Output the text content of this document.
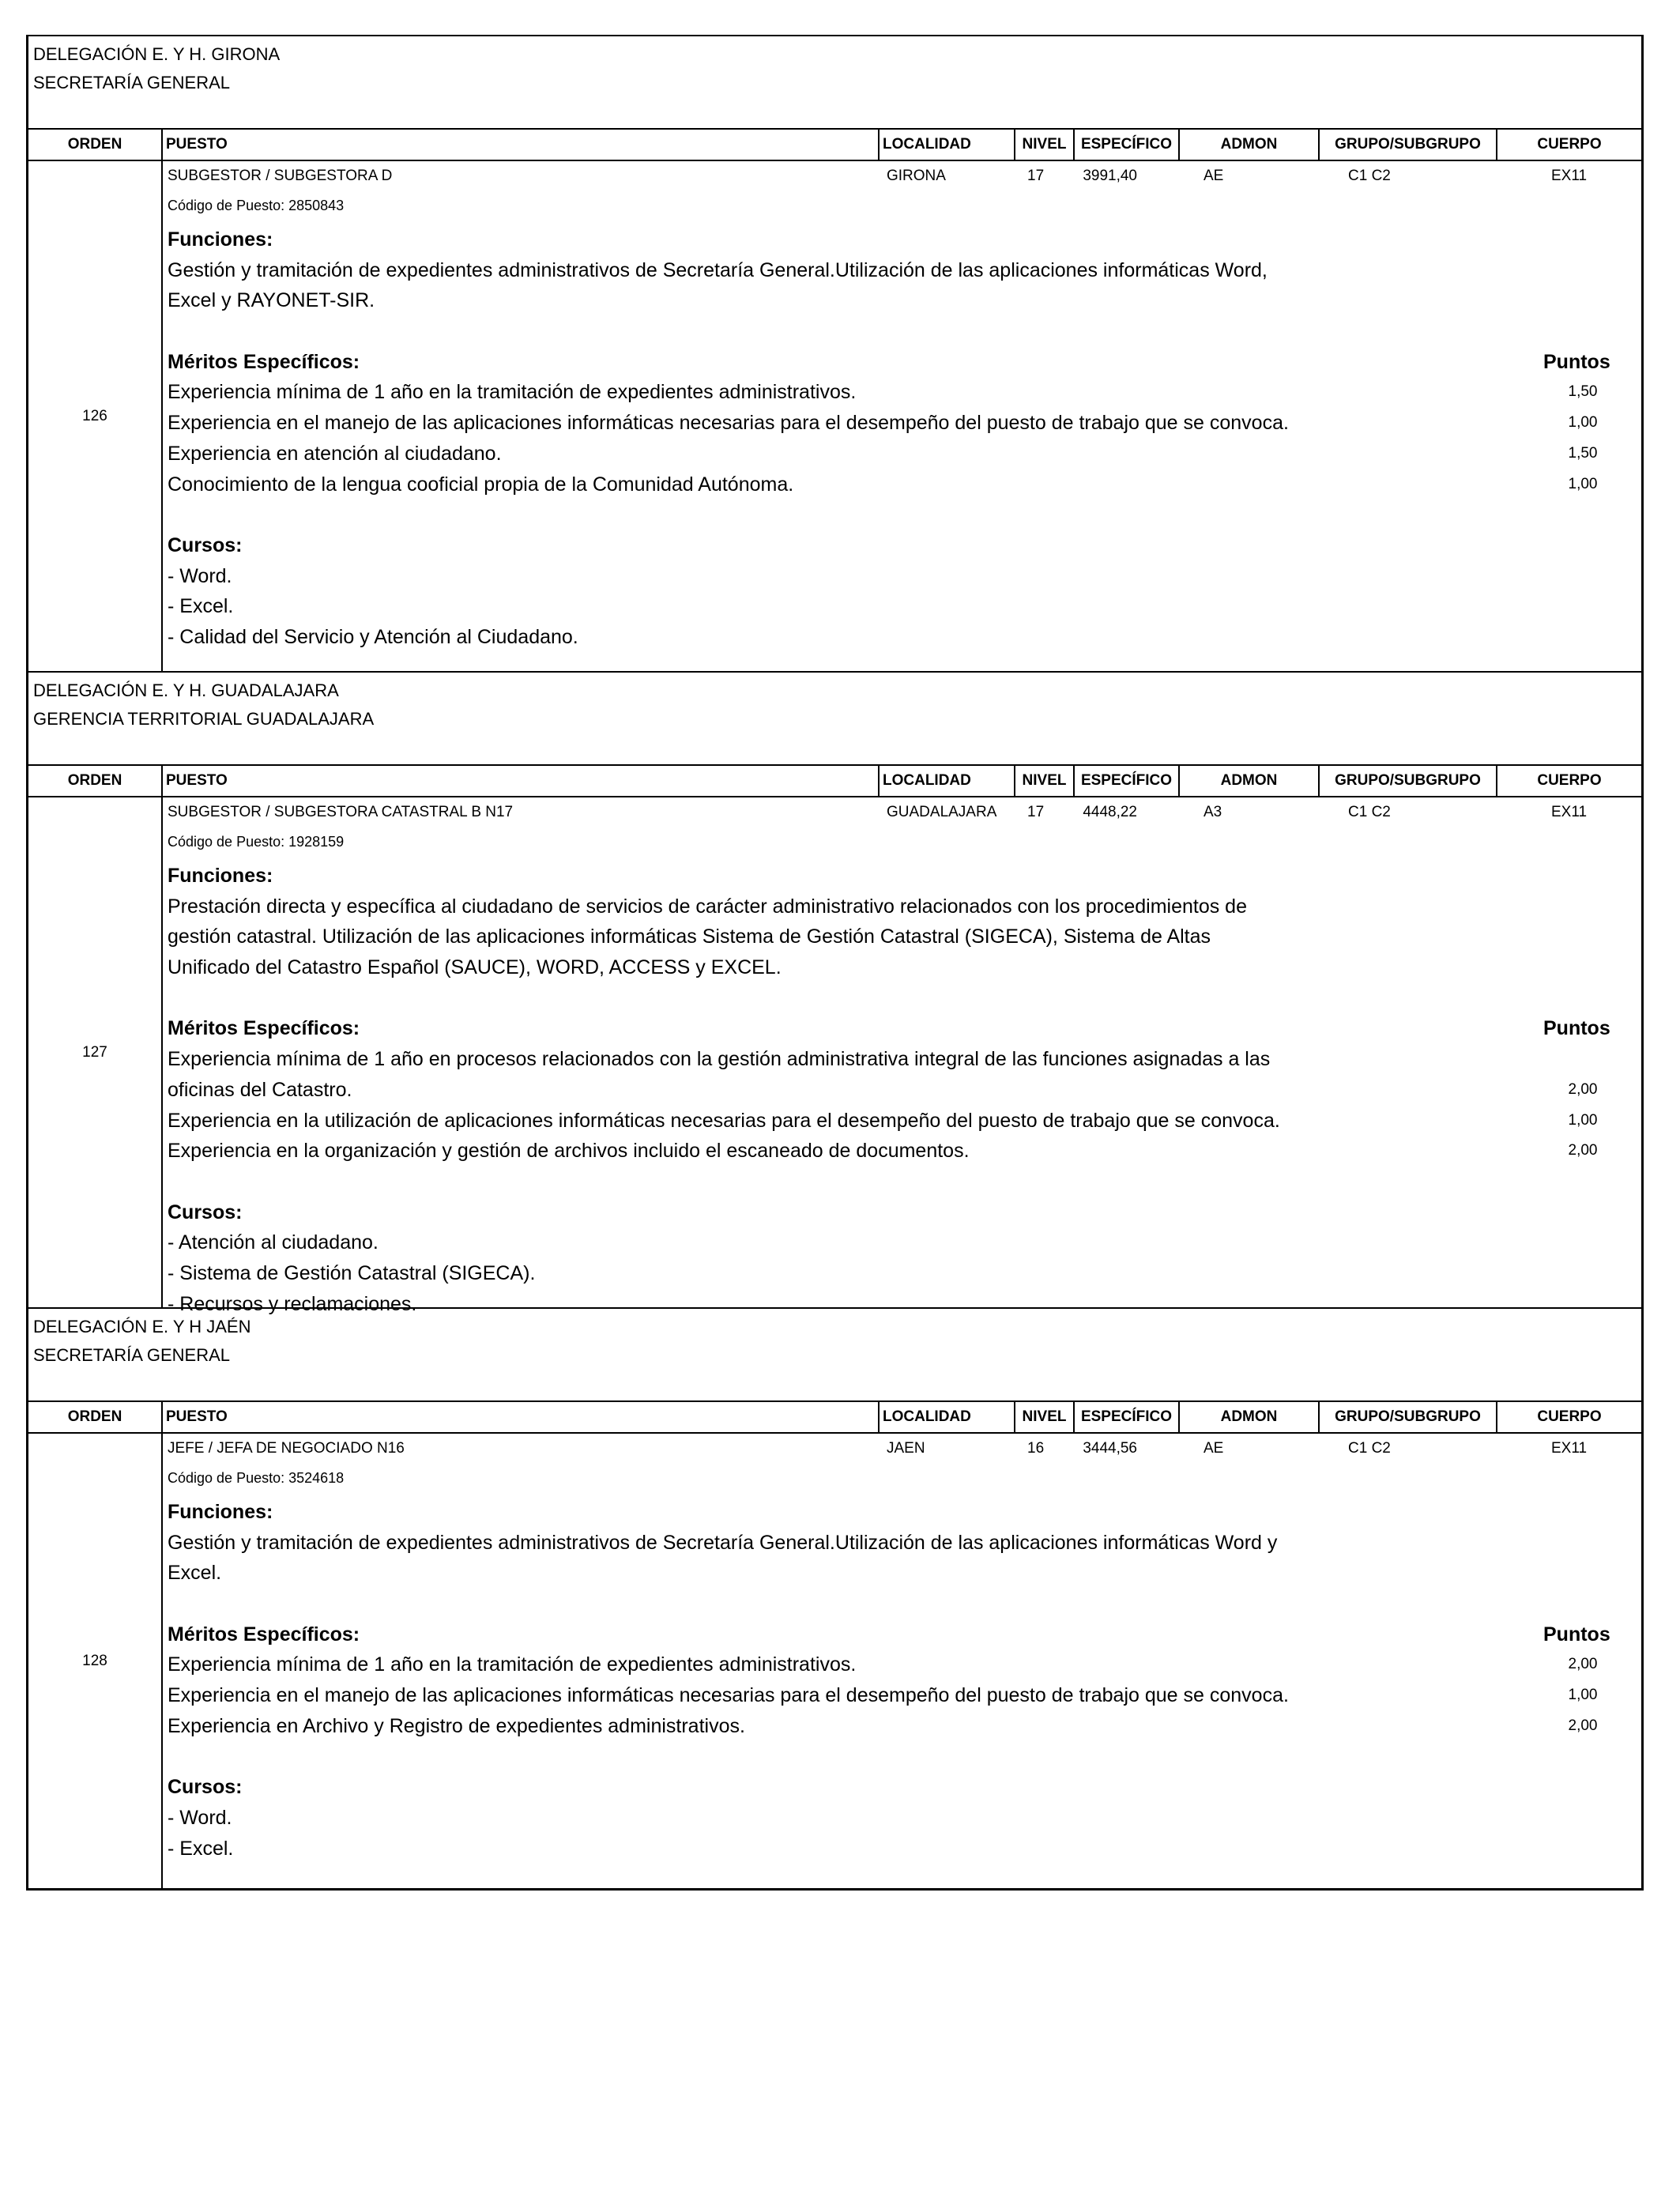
DELEGACIÓN E. Y H. GIRONA
SECRETARÍA GENERAL
ORDEN	PUESTO	LOCALIDAD	NIVEL ESPECÍFICO	ADMON	GRUPO/SUBGRUPO	CUERPO
126
SUBGESTOR / SUBGESTORA D	GIRONA	17	3991,40	AE	C1 C2	EX11
Código de Puesto: 2850843
Funciones:
Gestión y tramitación de expedientes administrativos de Secretaría General.Utilización de las aplicaciones informáticas Word,
Excel y RAYONET-SIR.
Méritos Específicos:	Puntos
Experiencia mínima de 1 año en la tramitación de expedientes administrativos.	1,50
Experiencia en el manejo de las aplicaciones informáticas necesarias para el desempeño del puesto de trabajo que se convoca.	1,00
Experiencia en atención al ciudadano.	1,50
Conocimiento de la lengua cooficial propia de la Comunidad Autónoma.	1,00
Cursos:
- Word.
- Excel.
- Calidad del Servicio y Atención al Ciudadano.
DELEGACIÓN E. Y H. GUADALAJARA
GERENCIA TERRITORIAL GUADALAJARA
ORDEN	PUESTO	LOCALIDAD	NIVEL ESPECÍFICO	ADMON	GRUPO/SUBGRUPO	CUERPO
127
SUBGESTOR / SUBGESTORA CATASTRAL B N17	GUADALAJARA 17	4448,22	A3	C1 C2	EX11
Código de Puesto: 1928159
Funciones:
Prestación directa y específica al ciudadano de servicios de carácter administrativo relacionados con los procedimientos de
gestión catastral. Utilización de las aplicaciones informáticas Sistema de Gestión Catastral (SIGECA), Sistema de Altas
Unificado del Catastro Español (SAUCE), WORD, ACCESS y EXCEL.
Méritos Específicos:	Puntos
Experiencia mínima de 1 año en procesos relacionados con la gestión administrativa integral de las funciones asignadas a las
oficinas del Catastro.	2,00
Experiencia en la utilización de aplicaciones informáticas necesarias para el desempeño del puesto de trabajo que se convoca.	1,00
Experiencia en la organización y gestión de archivos incluido el escaneado de documentos.	2,00
Cursos:
- Atención al ciudadano.
- Sistema de Gestión Catastral (SIGECA).
- Recursos y reclamaciones.
DELEGACIÓN E. Y H JAÉN
SECRETARÍA GENERAL
ORDEN	PUESTO	LOCALIDAD	NIVEL ESPECÍFICO	ADMON	GRUPO/SUBGRUPO	CUERPO
128
JEFE / JEFA DE NEGOCIADO N16	JAEN	16	3444,56	AE	C1 C2	EX11
Código de Puesto: 3524618
Funciones:
Gestión y tramitación de expedientes administrativos de Secretaría General.Utilización de las aplicaciones informáticas Word y
Excel.
Méritos Específicos:	Puntos
Experiencia mínima de 1 año en la tramitación de expedientes administrativos.	2,00
Experiencia en el manejo de las aplicaciones informáticas necesarias para el desempeño del puesto de trabajo que se convoca.	1,00
Experiencia en Archivo y Registro de expedientes administrativos.	2,00
Cursos:
- Word.
- Excel.
